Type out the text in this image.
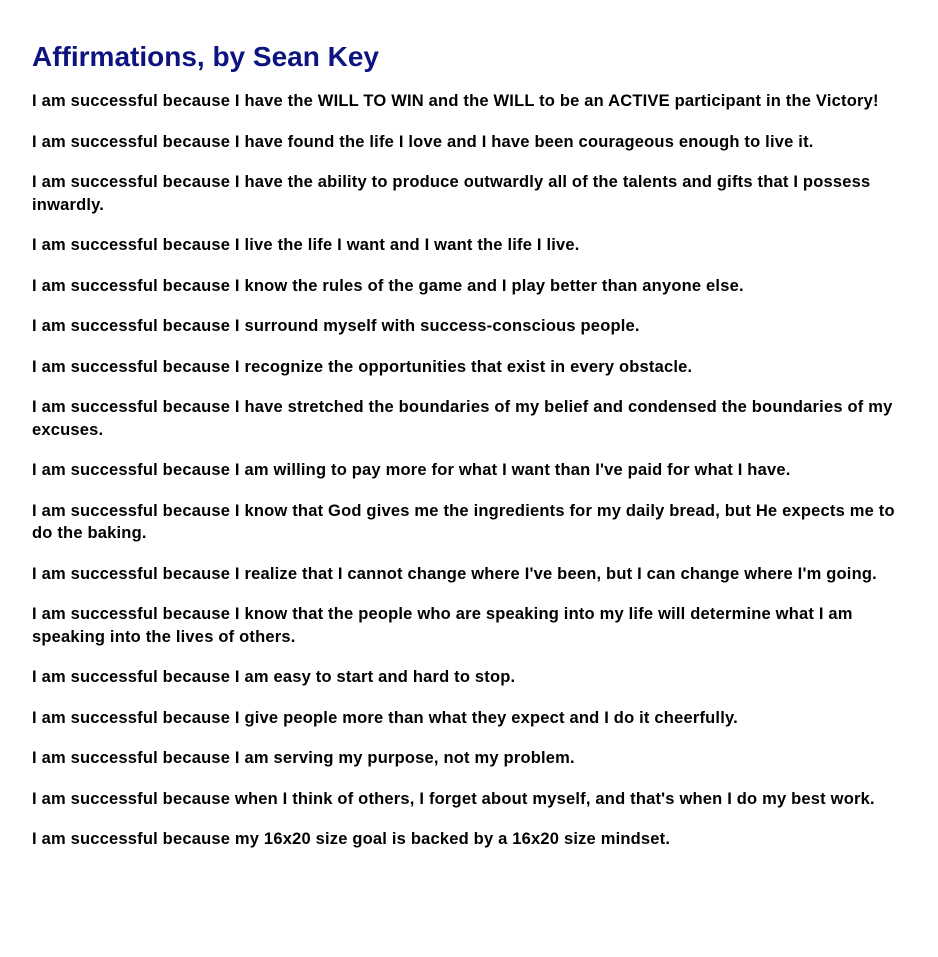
Affirmations, by Sean Key
I am successful because I have the WILL TO WIN and the WILL to be an ACTIVE participant in the Victory!
I am successful because I have found the life I love and I have been courageous enough to live it.
I am successful because I have the ability to produce outwardly all of the talents and gifts that I possess inwardly.
I am successful because I live the life I want and I want the life I live.
I am successful because I know the rules of the game and I play better than anyone else.
I am successful because I surround myself with success-conscious people.
I am successful because I recognize the opportunities that exist in every obstacle.
I am successful because I have stretched the boundaries of my belief and condensed the boundaries of my excuses.
I am successful because I am willing to pay more for what I want than I've paid for what I have.
I am successful because I know that God gives me the ingredients for my daily bread, but He expects me to do the baking.
I am successful because I realize that I cannot change where I've been, but I can change where I'm going.
I am successful because I know that the people who are speaking into my life will determine what I am speaking into the lives of others.
I am successful because I am easy to start and hard to stop.
I am successful because I give people more than what they expect and I do it cheerfully.
I am successful because I am serving my purpose, not my problem.
I am successful because when I think of others, I forget about myself, and that's when I do my best work.
I am successful because my 16x20 size goal is backed by a 16x20 size mindset.
